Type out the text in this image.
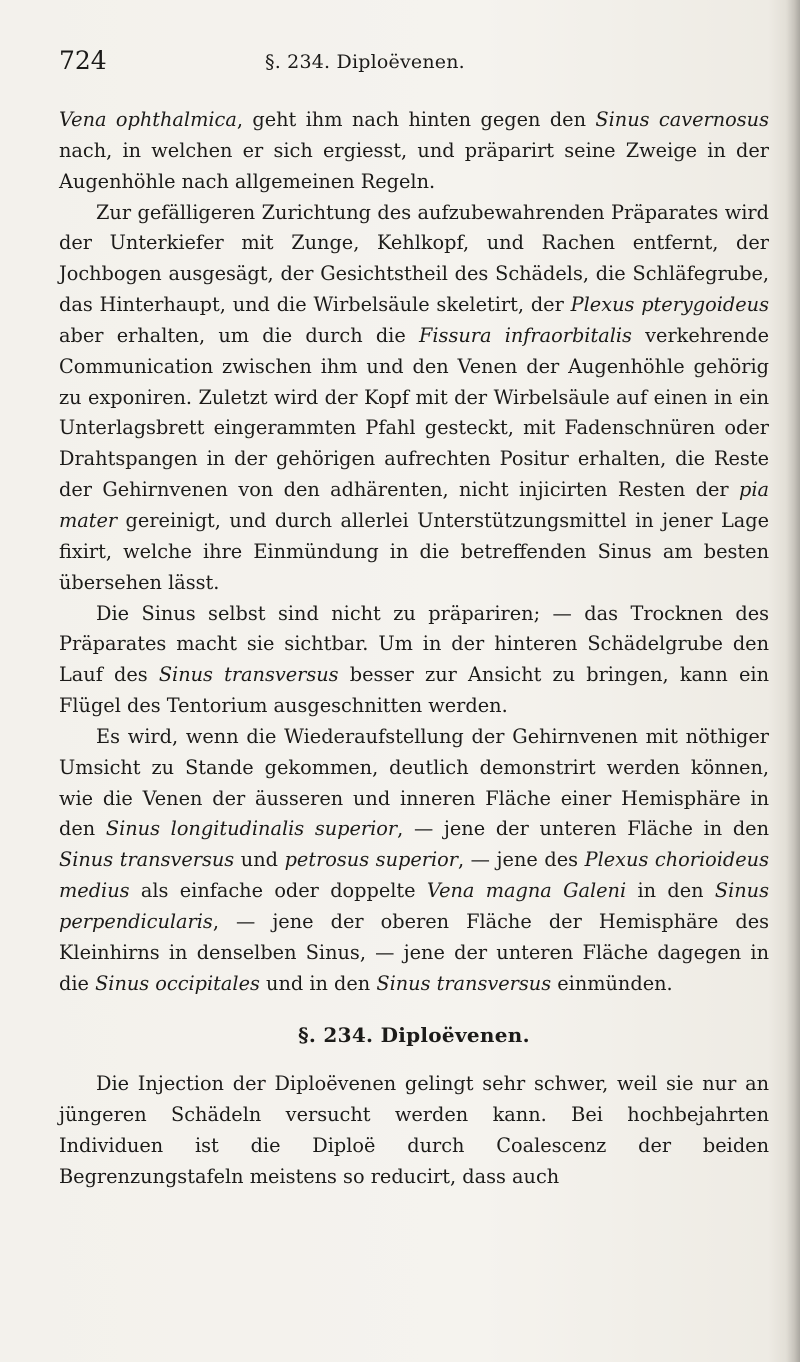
724	§. 234. Diploëvenen.

Vena ophthalmica, geht ihm nach hinten gegen den Sinus cavernosus nach, in welchen er sich ergiesst, und präparirt seine Zweige in der Augenhöhle nach allgemeinen Regeln.

Zur gefälligeren Zurichtung des aufzubewahrenden Präparates wird der Unterkiefer mit Zunge, Kehlkopf, und Rachen entfernt, der Jochbogen ausgesägt, der Gesichtstheil des Schädels, die Schläfegrube, das Hinterhaupt, und die Wirbelsäule skeletirt, der Plexus pterygoideus aber erhalten, um die durch die Fissura infraorbitalis verkehrende Communication zwischen ihm und den Venen der Augenhöhle gehörig zu exponiren. Zuletzt wird der Kopf mit der Wirbelsäule auf einen in ein Unterlagsbrett eingerammten Pfahl gesteckt, mit Fadenschnüren oder Drahtspangen in der gehörigen aufrechten Positur erhalten, die Reste der Gehirnvenen von den adhärenten, nicht injicirten Resten der pia mater gereinigt, und durch allerlei Unterstützungsmittel in jener Lage fixirt, welche ihre Einmündung in die betreffenden Sinus am besten übersehen lässt.

Die Sinus selbst sind nicht zu präpariren; — das Trocknen des Präparates macht sie sichtbar. Um in der hinteren Schädelgrube den Lauf des Sinus transversus besser zur Ansicht zu bringen, kann ein Flügel des Tentorium ausgeschnitten werden.

Es wird, wenn die Wiederaufstellung der Gehirnvenen mit nöthiger Umsicht zu Stande gekommen, deutlich demonstrirt werden können, wie die Venen der äusseren und inneren Fläche einer Hemisphäre in den Sinus longitudinalis superior, — jene der unteren Fläche in den Sinus transversus und petrosus superior, — jene des Plexus chorioideus medius als einfache oder doppelte Vena magna Galeni in den Sinus perpendicularis, — jene der oberen Fläche der Hemisphäre des Kleinhirns in denselben Sinus, — jene der unteren Fläche dagegen in die Sinus occipitales und in den Sinus transversus einmünden.

§. 234. Diploëvenen.

Die Injection der Diploëvenen gelingt sehr schwer, weil sie nur an jüngeren Schädeln versucht werden kann. Bei hochbejahrten Individuen ist die Diploë durch Coalescenz der beiden Begrenzungstafeln meistens so reducirt, dass auch
